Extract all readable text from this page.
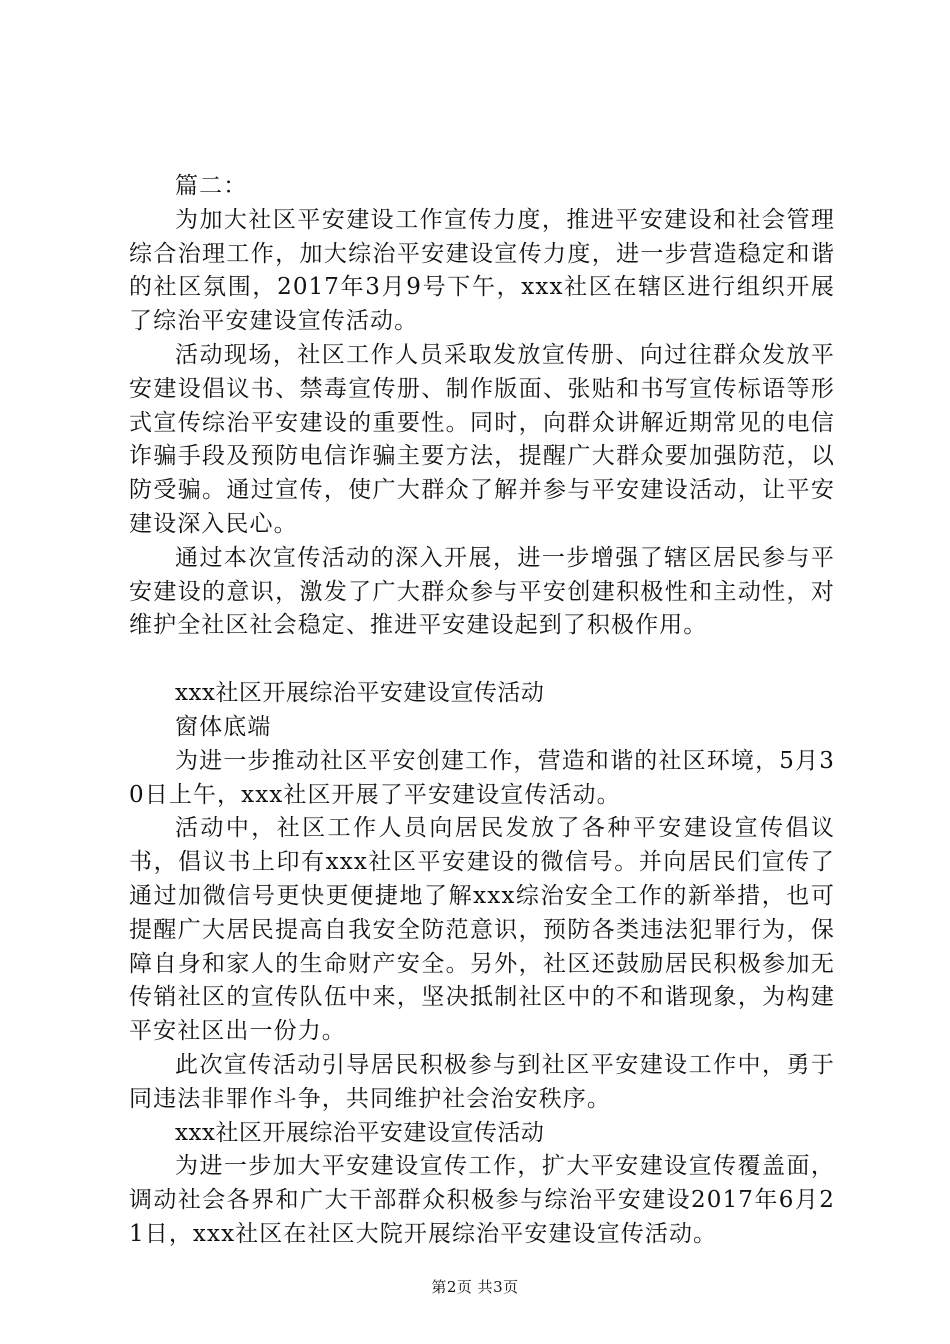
篇二：

为加大社区平安建设工作宣传力度，推进平安建设和社会管理综合治理工作，加大综治平安建设宣传力度，进一步营造稳定和谐的社区氛围，2017年3月9号下午，xxx社区在辖区进行组织开展了综治平安建设宣传活动。

活动现场，社区工作人员采取发放宣传册、向过往群众发放平安建设倡议书、禁毒宣传册、制作版面、张贴和书写宣传标语等形式宣传综治平安建设的重要性。同时，向群众讲解近期常见的电信诈骗手段及预防电信诈骗主要方法，提醒广大群众要加强防范，以防受骗。通过宣传，使广大群众了解并参与平安建设活动，让平安建设深入民心。

通过本次宣传活动的深入开展，进一步增强了辖区居民参与平安建设的意识，激发了广大群众参与平安创建积极性和主动性，对维护全社区社会稳定、推进平安建设起到了积极作用。

xxx社区开展综治平安建设宣传活动

窗体底端

为进一步推动社区平安创建工作，营造和谐的社区环境，5月30日上午，xxx社区开展了平安建设宣传活动。

活动中，社区工作人员向居民发放了各种平安建设宣传倡议书，倡议书上印有xxx社区平安建设的微信号。并向居民们宣传了通过加微信号更快更便捷地了解xxx综治安全工作的新举措，也可提醒广大居民提高自我安全防范意识，预防各类违法犯罪行为，保障自身和家人的生命财产安全。另外，社区还鼓励居民积极参加无传销社区的宣传队伍中来，坚决抵制社区中的不和谐现象，为构建平安社区出一份力。

此次宣传活动引导居民积极参与到社区平安建设工作中，勇于同违法非罪作斗争，共同维护社会治安秩序。

xxx社区开展综治平安建设宣传活动

为进一步加大平安建设宣传工作，扩大平安建设宣传覆盖面，调动社会各界和广大干部群众积极参与综治平安建设2017年6月21日，xxx社区在社区大院开展综治平安建设宣传活动。

第2页 共3页
